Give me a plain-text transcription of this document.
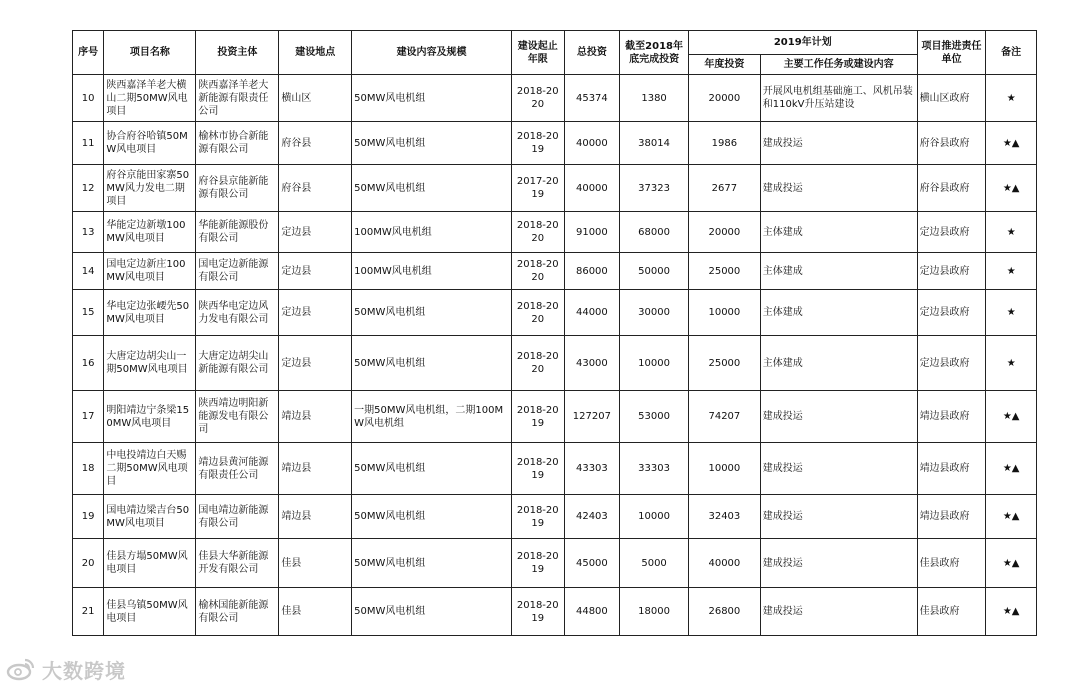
序号	项目名称	投资主体	建设地点	建设内容及规模	建设起止年限	总投资	截至2018年底完成投资	2019年计划		项目推进责任单位	备注
								年度投资	主要工作任务或建设内容		
10	陕西嘉泽羊老大横山二期50MW风电项目	陕西嘉泽羊老大新能源有限责任公司	横山区	50MW风电机组	2018-2020	45374	1380	20000	开展风电机组基础施工、风机吊装和110kV升压站建设	横山区政府	★
11	协合府谷哈镇50MW风电项目	榆林市协合新能源有限公司	府谷县	50MW风电机组	2018-2019	40000	38014	1986	建成投运	府谷县政府	★▲
12	府谷京能田家寨50MW风力发电二期项目	府谷县京能新能源有限公司	府谷县	50MW风电机组	2017-2019	40000	37323	2677	建成投运	府谷县政府	★▲
13	华能定边新墩100MW风电项目	华能新能源股份有限公司	定边县	100MW风电机组	2018-2020	91000	68000	20000	主体建成	定边县政府	★
14	国电定边新庄100MW风电项目	国电定边新能源有限公司	定边县	100MW风电机组	2018-2020	86000	50000	25000	主体建成	定边县政府	★
15	华电定边张崾先50MW风电项目	陕西华电定边风力发电有限公司	定边县	50MW风电机组	2018-2020	44000	30000	10000	主体建成	定边县政府	★
16	大唐定边胡尖山一期50MW风电项目	大唐定边胡尖山新能源有限公司	定边县	50MW风电机组	2018-2020	43000	10000	25000	主体建成	定边县政府	★
17	明阳靖边宁条梁150MW风电项目	陕西靖边明阳新能源发电有限公司	靖边县	一期50MW风电机组，二期100MW风电机组	2018-2019	127207	53000	74207	建成投运	靖边县政府	★▲
18	中电投靖边白天赐二期50MW风电项目	靖边县黄河能源有限责任公司	靖边县	50MW风电机组	2018-2019	43303	33303	10000	建成投运	靖边县政府	★▲
19	国电靖边梁吉台50MW风电项目	国电靖边新能源有限公司	靖边县	50MW风电机组	2018-2019	42403	10000	32403	建成投运	靖边县政府	★▲
20	佳县方塌50MW风电项目	佳县大华新能源开发有限公司	佳县	50MW风电机组	2018-2019	45000	5000	40000	建成投运	佳县政府	★▲
21	佳县乌镇50MW风电项目	榆林国能新能源有限公司	佳县	50MW风电机组	2018-2019	44800	18000	26800	建成投运	佳县政府	★▲
大数跨境
